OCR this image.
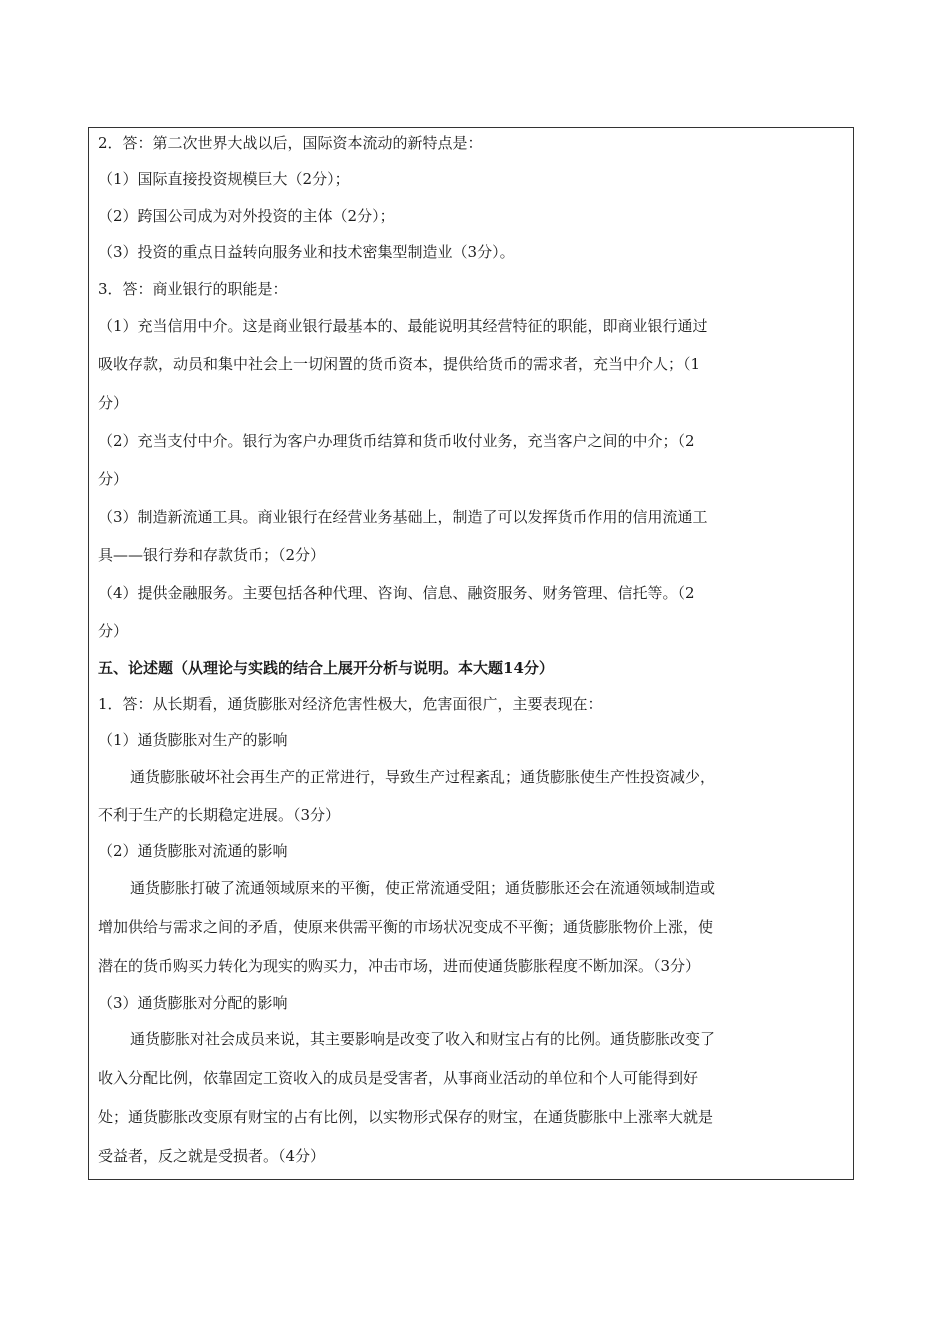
2．答：第二次世界大战以后，国际资本流动的新特点是：
（1）国际直接投资规模巨大（2分）；
（2）跨国公司成为对外投资的主体（2分）；
（3）投资的重点日益转向服务业和技术密集型制造业（3分）。
3．答：商业银行的职能是：
（1）充当信用中介。这是商业银行最基本的、最能说明其经营特征的职能，即商业银行通过
吸收存款，动员和集中社会上一切闲置的货币资本，提供给货币的需求者，充当中介人；（1
分）
（2）充当支付中介。银行为客户办理货币结算和货币收付业务，充当客户之间的中介；（2
分）
（3）制造新流通工具。商业银行在经营业务基础上，制造了可以发挥货币作用的信用流通工
具——银行券和存款货币；（2分）
（4）提供金融服务。主要包括各种代理、咨询、信息、融资服务、财务管理、信托等。（2
分）
五、论述题（从理论与实践的结合上展开分析与说明。本大题14分）
1．答：从长期看，通货膨胀对经济危害性极大，危害面很广，主要表现在：
（1）通货膨胀对生产的影响
通货膨胀破坏社会再生产的正常进行，导致生产过程紊乱；通货膨胀使生产性投资减少，
不利于生产的长期稳定进展。（3分）
（2）通货膨胀对流通的影响
通货膨胀打破了流通领域原来的平衡，使正常流通受阻；通货膨胀还会在流通领域制造或
增加供给与需求之间的矛盾，使原来供需平衡的市场状况变成不平衡；通货膨胀物价上涨，使
潜在的货币购买力转化为现实的购买力，冲击市场，进而使通货膨胀程度不断加深。（3分）
（3）通货膨胀对分配的影响
通货膨胀对社会成员来说，其主要影响是改变了收入和财宝占有的比例。通货膨胀改变了
收入分配比例，依靠固定工资收入的成员是受害者，从事商业活动的单位和个人可能得到好
处；通货膨胀改变原有财宝的占有比例，以实物形式保存的财宝，在通货膨胀中上涨率大就是
受益者，反之就是受损者。（4分）
